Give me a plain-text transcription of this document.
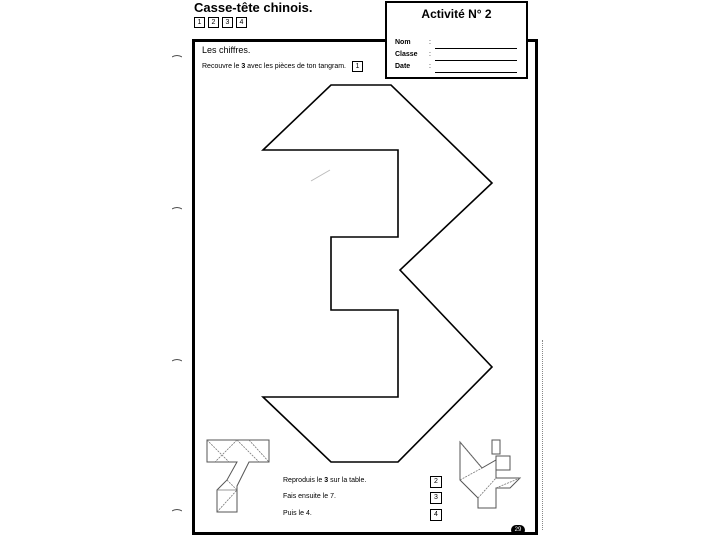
Casse-tête chinois.
1	2	3	4
Activité N° 2
Nom	:
Classe :
Date	:
Les chiffres.
Recouvre le 3 avec les pièces de ton tangram. 1
Reproduis le 3 sur la table.	2
Fais ensuite le 7.	3
Puis le 4.	4
29
